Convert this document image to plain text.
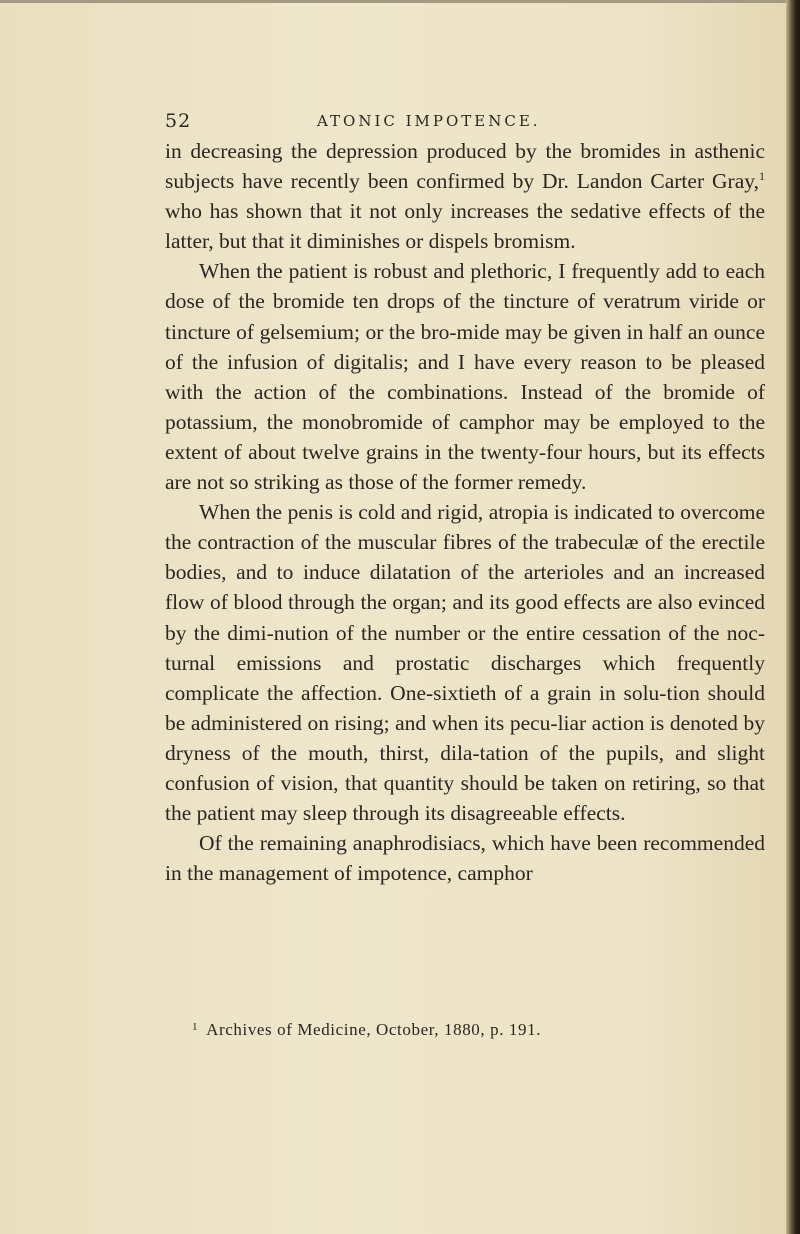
52	ATONIC IMPOTENCE.

in decreasing the depression produced by the bromides in asthenic subjects have recently been confirmed by Dr. Landon Carter Gray,$^1$ who has shown that it not only increases the sedative effects of the latter, but that it diminishes or dispels bromism.

When the patient is robust and plethoric, I frequently add to each dose of the bromide ten drops of the tincture of veratrum viride or tincture of gelsemium; or the bro-mide may be given in half an ounce of the infusion of digitalis; and I have every reason to be pleased with the action of the combinations. Instead of the bromide of potassium, the monobromide of camphor may be employed to the extent of about twelve grains in the twenty-four hours, but its effects are not so striking as those of the former remedy.

When the penis is cold and rigid, atropia is indicated to overcome the contraction of the muscular fibres of the trabeculæ of the erectile bodies, and to induce dilatation of the arterioles and an increased flow of blood through the organ; and its good effects are also evinced by the dimi-nution of the number or the entire cessation of the noc-turnal emissions and prostatic discharges which frequently complicate the affection. One-sixtieth of a grain in solu-tion should be administered on rising; and when its pecu-liar action is denoted by dryness of the mouth, thirst, dila-tation of the pupils, and slight confusion of vision, that quantity should be taken on retiring, so that the patient may sleep through its disagreeable effects.

Of the remaining anaphrodisiacs, which have been recommended in the management of impotence, camphor

$^1$ Archives of Medicine, October, 1880, p. 191.
